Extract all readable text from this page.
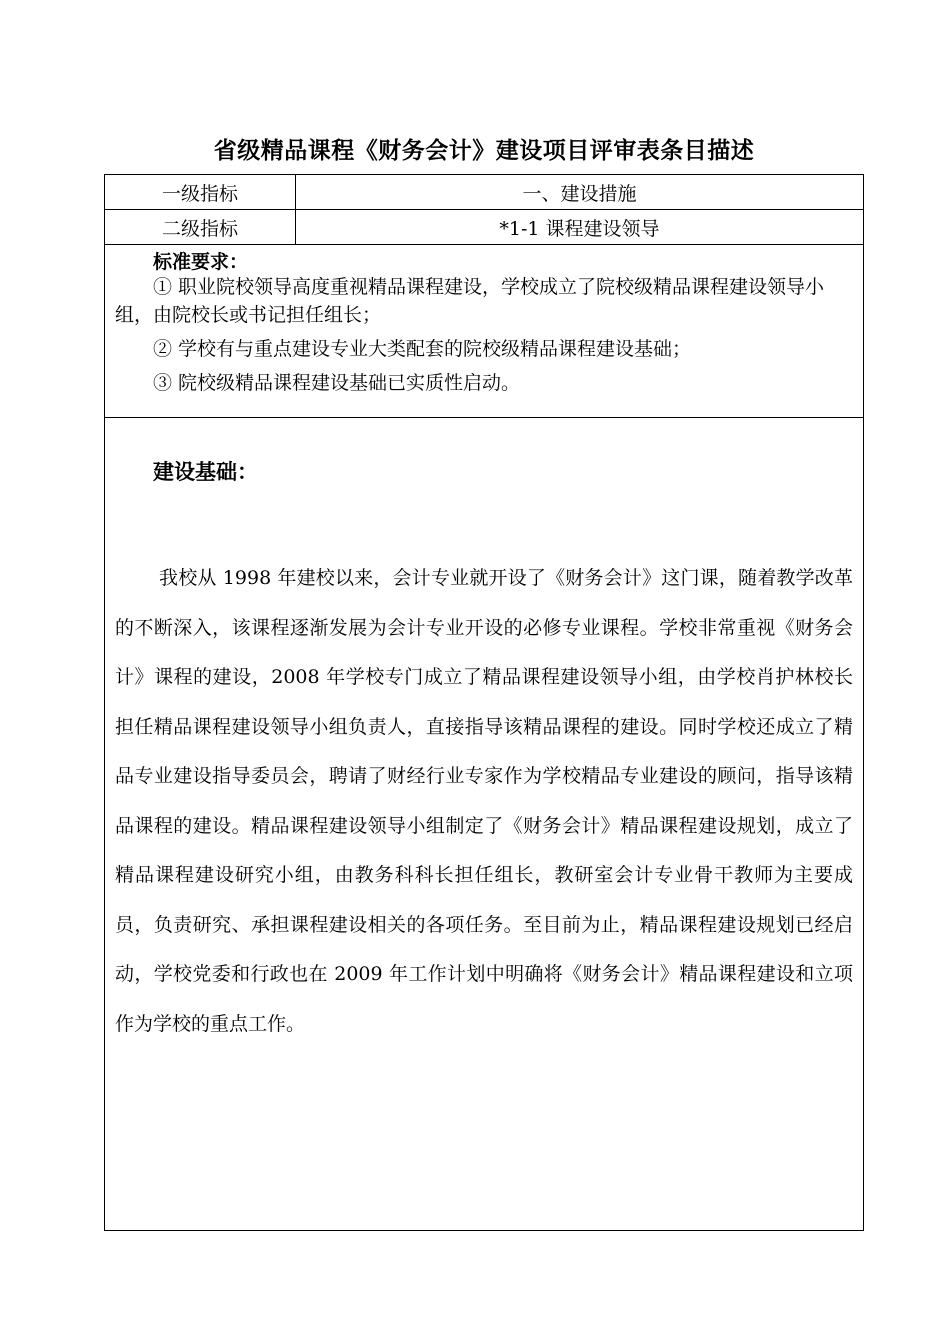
省级精品课程《财务会计》建设项目评审表条目描述
一级指标	一、建设措施
二级指标	*1-1 课程建设领导

标准要求：
① 职业院校领导高度重视精品课程建设，学校成立了院校级精品课程建设领导小组，由院校长或书记担任组长；
② 学校有与重点建设专业大类配套的院校级精品课程建设基础；
③ 院校级精品课程建设基础已实质性启动。	

建设基础：
我校从 1998 年建校以来，会计专业就开设了《财务会计》这门课，随着教学改革的不断深入，该课程逐渐发展为会计专业开设的必修专业课程。学校非常重视《财务会计》课程的建设，2008 年学校专门成立了精品课程建设领导小组，由学校肖护林校长担任精品课程建设领导小组负责人，直接指导该精品课程的建设。同时学校还成立了精品专业建设指导委员会，聘请了财经行业专家作为学校精品专业建设的顾问，指导该精品课程的建设。精品课程建设领导小组制定了《财务会计》精品课程建设规划，成立了精品课程建设研究小组，由教务科科长担任组长，教研室会计专业骨干教师为主要成员，负责研究、承担课程建设相关的各项任务。至目前为止，精品课程建设规划已经启动，学校党委和行政也在 2009 年工作计划中明确将《财务会计》精品课程建设和立项作为学校的重点工作。	
